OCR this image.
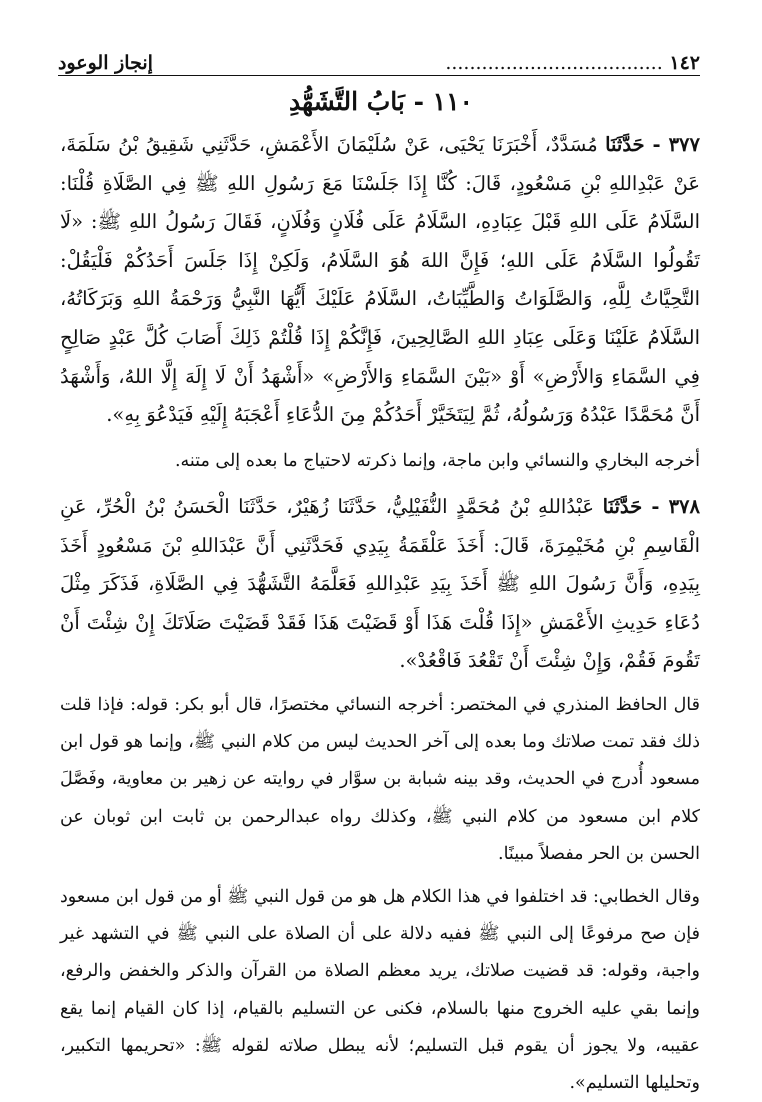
١٤٢ ....................................
إنجاز الوعود
١١٠ - بَابُ التَّشَهُّدِ

٣٧٧ - حَدَّثَنَا مُسَدَّدٌ، أَخْبَرَنَا يَحْيَى، عَنْ سُلَيْمَانَ الأَعْمَشِ، حَدَّثَنِي شَقِيقُ بْنُ سَلَمَةَ، عَنْ عَبْدِاللهِ بْنِ مَسْعُودٍ، قَالَ: كُنَّا إِذَا جَلَسْنَا مَعَ رَسُولِ اللهِ ﷺ فِي الصَّلَاةِ قُلْنَا: السَّلَامُ عَلَى اللهِ قَبْلَ عِبَادِهِ، السَّلَامُ عَلَى فُلَانٍ وَفُلَانٍ، فَقَالَ رَسُولُ اللهِ ﷺ: «لَا تَقُولُوا السَّلَامُ عَلَى اللهِ؛ فَإِنَّ اللهَ هُوَ السَّلَامُ، وَلَكِنْ إِذَا جَلَسَ أَحَدُكُمْ فَلْيَقُلْ: التَّحِيَّاتُ لِلَّهِ، وَالصَّلَوَاتُ وَالطَّيِّبَاتُ، السَّلَامُ عَلَيْكَ أَيُّهَا النَّبِيُّ وَرَحْمَةُ اللهِ وَبَرَكَاتُهُ، السَّلَامُ عَلَيْنَا وَعَلَى عِبَادِ اللهِ الصَّالِحِينَ، فَإِنَّكُمْ إِذَا قُلْتُمْ ذَلِكَ أَصَابَ كُلَّ عَبْدٍ صَالِحٍ فِي السَّمَاءِ وَالأَرْضِ» أَوْ «بَيْنَ السَّمَاءِ وَالأَرْضِ» «أَشْهَدُ أَنْ لَا إِلَهَ إِلَّا اللهُ، وَأَشْهَدُ أَنَّ مُحَمَّدًا عَبْدُهُ وَرَسُولُهُ، ثُمَّ لِيَتَخَيَّرْ أَحَدُكُمْ مِنَ الدُّعَاءِ أَعْجَبَهُ إِلَيْهِ فَيَدْعُوَ بِهِ».

أخرجه البخاري والنسائي وابن ماجة، وإنما ذكرته لاحتياج ما بعده إلى متنه.

٣٧٨ - حَدَّثَنَا عَبْدُاللهِ بْنُ مُحَمَّدٍ النُّفَيْلِيُّ، حَدَّثَنَا زُهَيْرٌ، حَدَّثَنَا الْحَسَنُ بْنُ الْحُرِّ، عَنِ الْقَاسِمِ بْنِ مُخَيْمِرَةَ، قَالَ: أَخَذَ عَلْقَمَةُ بِيَدِي فَحَدَّثَنِي أَنَّ عَبْدَاللهِ بْنَ مَسْعُودٍ أَخَذَ بِيَدِهِ، وَأَنَّ رَسُولَ اللهِ ﷺ أَخَذَ بِيَدِ عَبْدِاللهِ فَعَلَّمَهُ التَّشَهُّدَ فِي الصَّلَاةِ، فَذَكَرَ مِثْلَ دُعَاءِ حَدِيثِ الأَعْمَشِ «إِذَا قُلْتَ هَذَا أَوْ قَضَيْتَ هَذَا فَقَدْ قَضَيْتَ صَلَاتَكَ إِنْ شِئْتَ أَنْ تَقُومَ فَقُمْ، وَإِنْ شِئْتَ أَنْ تَقْعُدَ فَاقْعُدْ».

قال الحافظ المنذري في المختصر: أخرجه النسائي مختصرًا، قال أبو بكر: قوله: فإذا قلت ذلك فقد تمت صلاتك وما بعده إلى آخر الحديث ليس من كلام النبي ﷺ، وإنما هو قول ابن مسعود أُدرج في الحديث، وقد بينه شبابة بن سوَّار في روايته عن زهير بن معاوية، وفَصَّلَ كلام ابن مسعود من كلام النبي ﷺ، وكذلك رواه عبدالرحمن بن ثابت ابن ثوبان عن الحسن بن الحر مفصلاً مبينًا.

وقال الخطابي: قد اختلفوا في هذا الكلام هل هو من قول النبي ﷺ أو من قول ابن مسعود فإن صح مرفوعًا إلى النبي ﷺ ففيه دلالة على أن الصلاة على النبي ﷺ في التشهد غير واجبة، وقوله: قد قضيت صلاتك، يريد معظم الصلاة من القرآن والذكر والخفض والرفع، وإنما بقي عليه الخروج منها بالسلام، فكنى عن التسليم بالقيام، إذا كان القيام إنما يقع عقيبه، ولا يجوز أن يقوم قبل التسليم؛ لأنه يبطل صلاته لقوله ﷺ: «تحريمها التكبير، وتحليلها التسليم».
